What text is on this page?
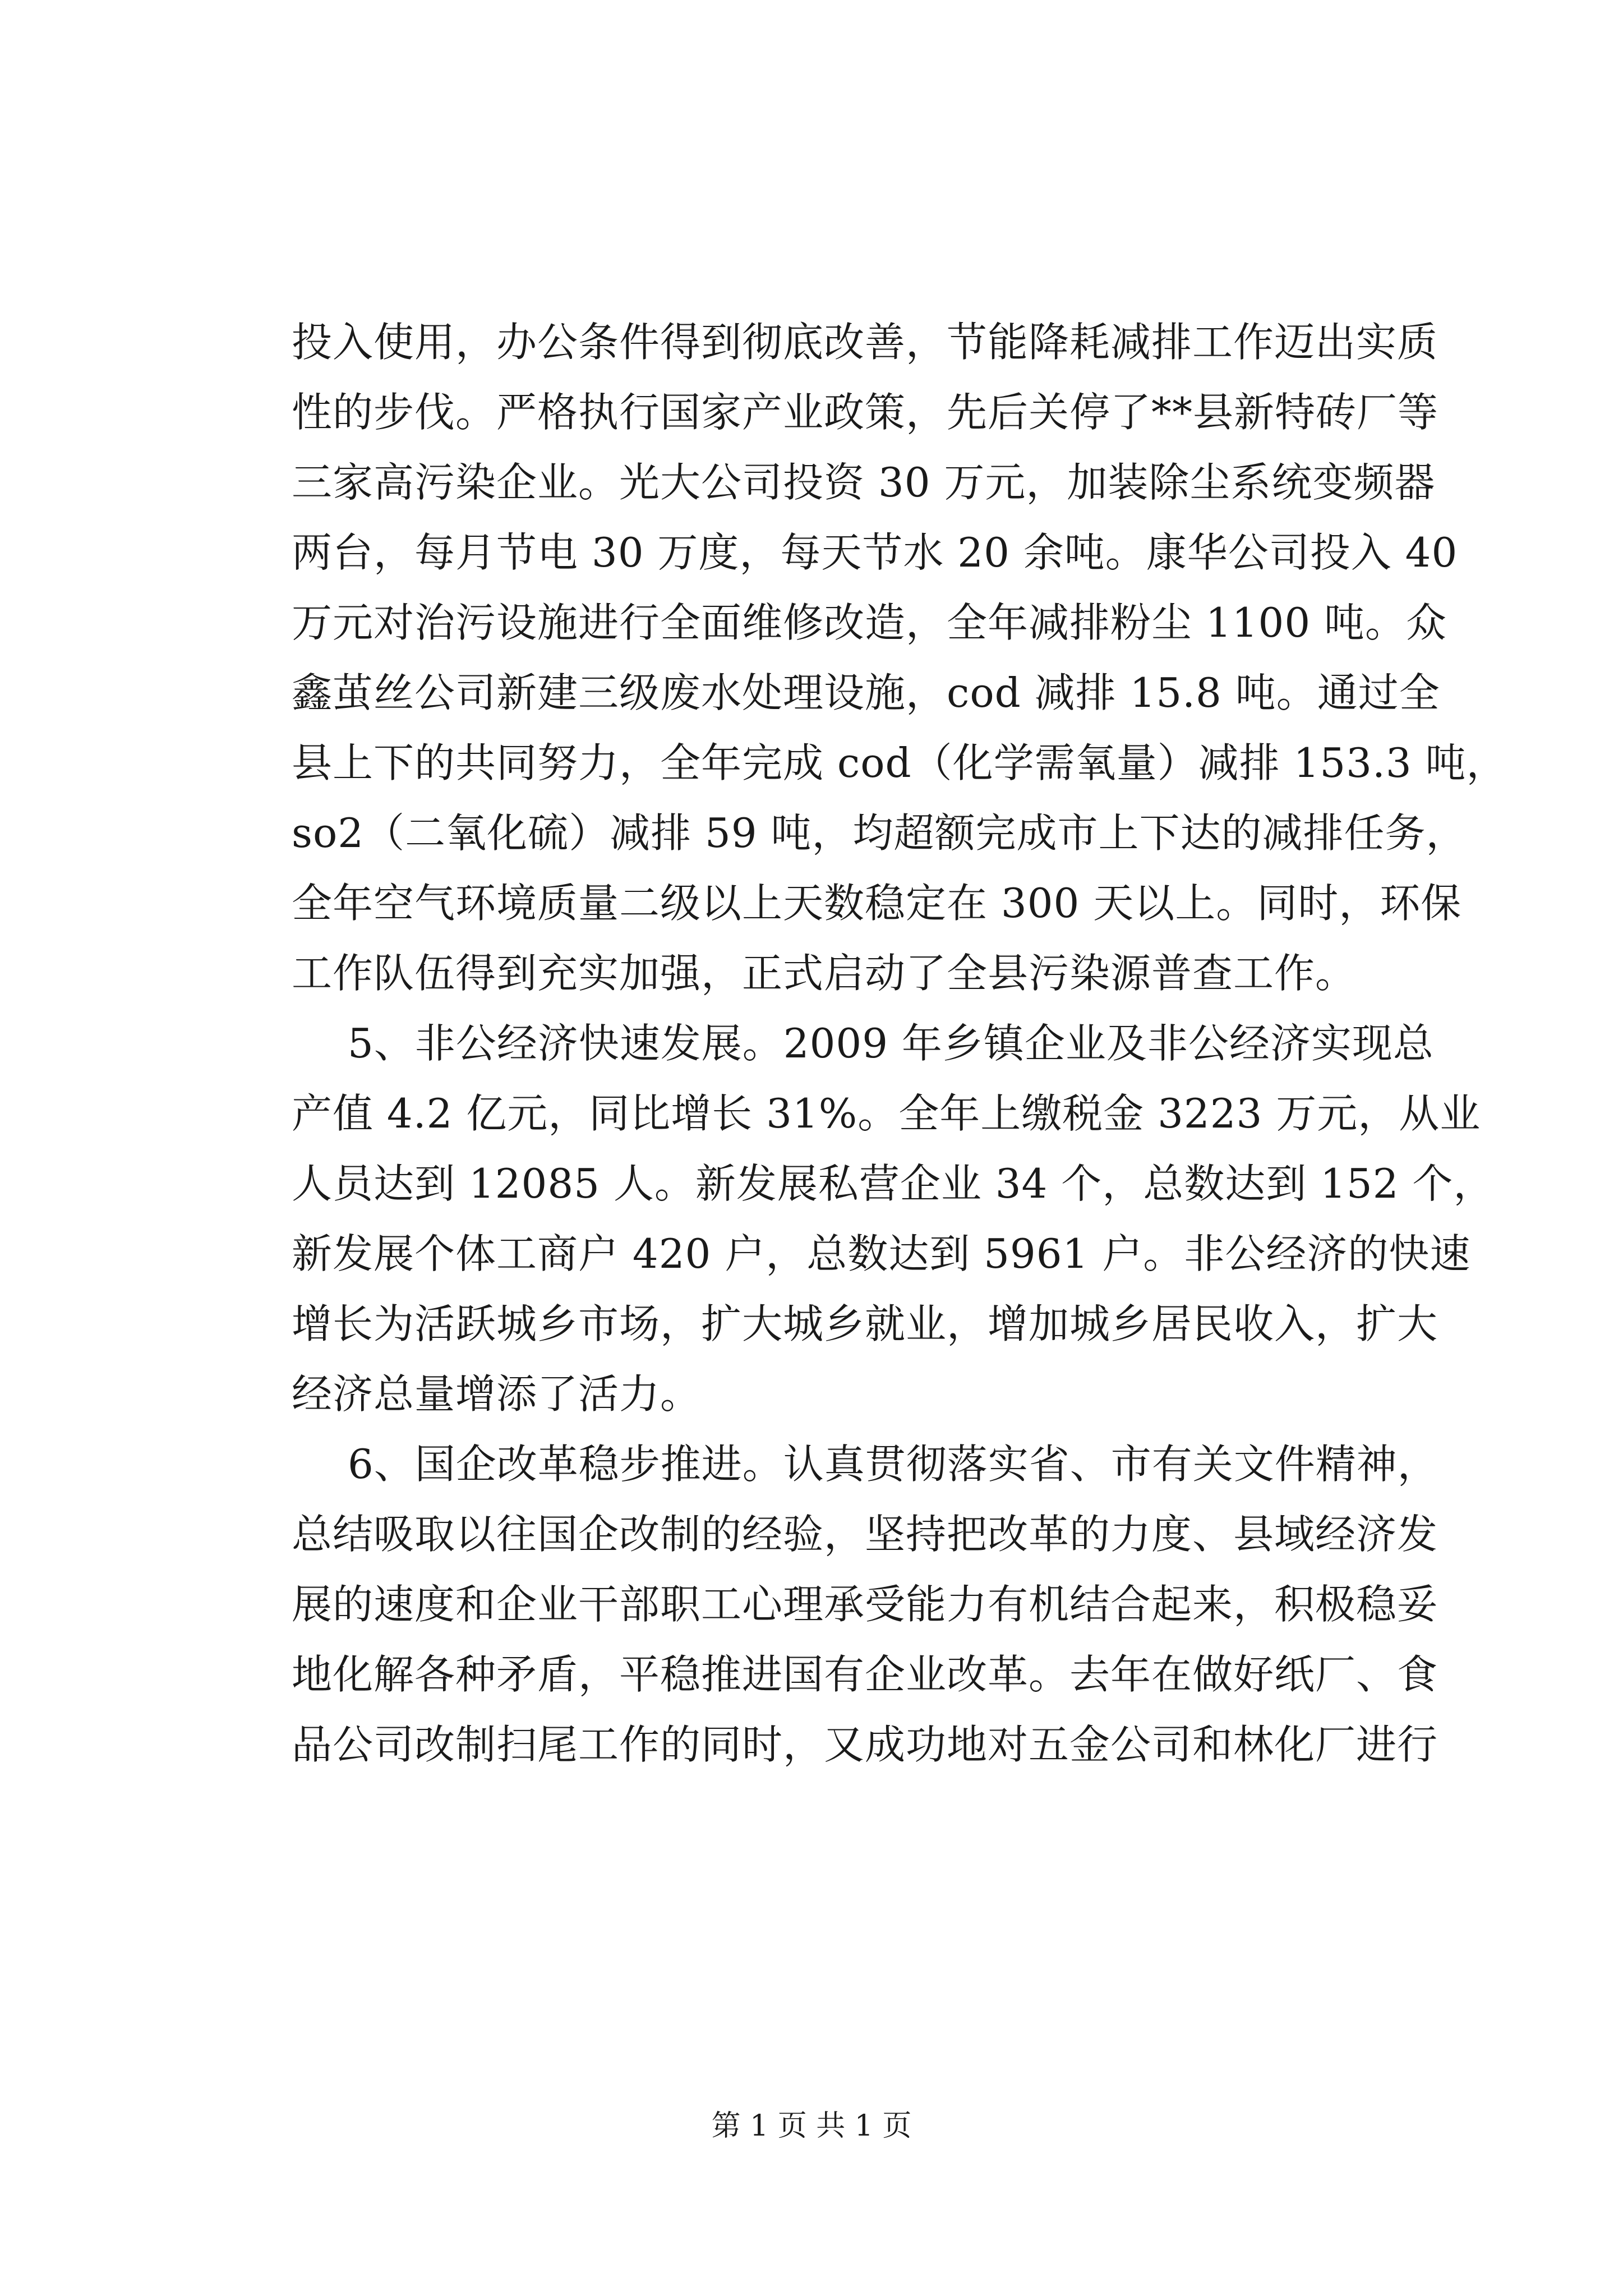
投入使用，办公条件得到彻底改善，节能降耗减排工作迈出实质
性的步伐。严格执行国家产业政策，先后关停了**县新特砖厂等
三家高污染企业。光大公司投资 30 万元，加装除尘系统变频器
两台，每月节电 30 万度，每天节水 20 余吨。康华公司投入 40
万元对治污设施进行全面维修改造，全年减排粉尘 1100 吨。众
鑫茧丝公司新建三级废水处理设施，cod 减排 15.8 吨。通过全
县上下的共同努力，全年完成 cod（化学需氧量）减排 153.3 吨，
so2（二氧化硫）减排 59 吨，均超额完成市上下达的减排任务，
全年空气环境质量二级以上天数稳定在 300 天以上。同时，环保
工作队伍得到充实加强，正式启动了全县污染源普查工作。
5、非公经济快速发展。2009 年乡镇企业及非公经济实现总
产值 4.2 亿元，同比增长 31%。全年上缴税金 3223 万元，从业
人员达到 12085 人。新发展私营企业 34 个，总数达到 152 个，
新发展个体工商户 420 户，总数达到 5961 户。非公经济的快速
增长为活跃城乡市场，扩大城乡就业，增加城乡居民收入，扩大
经济总量增添了活力。
6、国企改革稳步推进。认真贯彻落实省、市有关文件精神，
总结吸取以往国企改制的经验，坚持把改革的力度、县域经济发
展的速度和企业干部职工心理承受能力有机结合起来，积极稳妥
地化解各种矛盾，平稳推进国有企业改革。去年在做好纸厂、食
品公司改制扫尾工作的同时，又成功地对五金公司和林化厂进行
第 1 页 共 1 页
